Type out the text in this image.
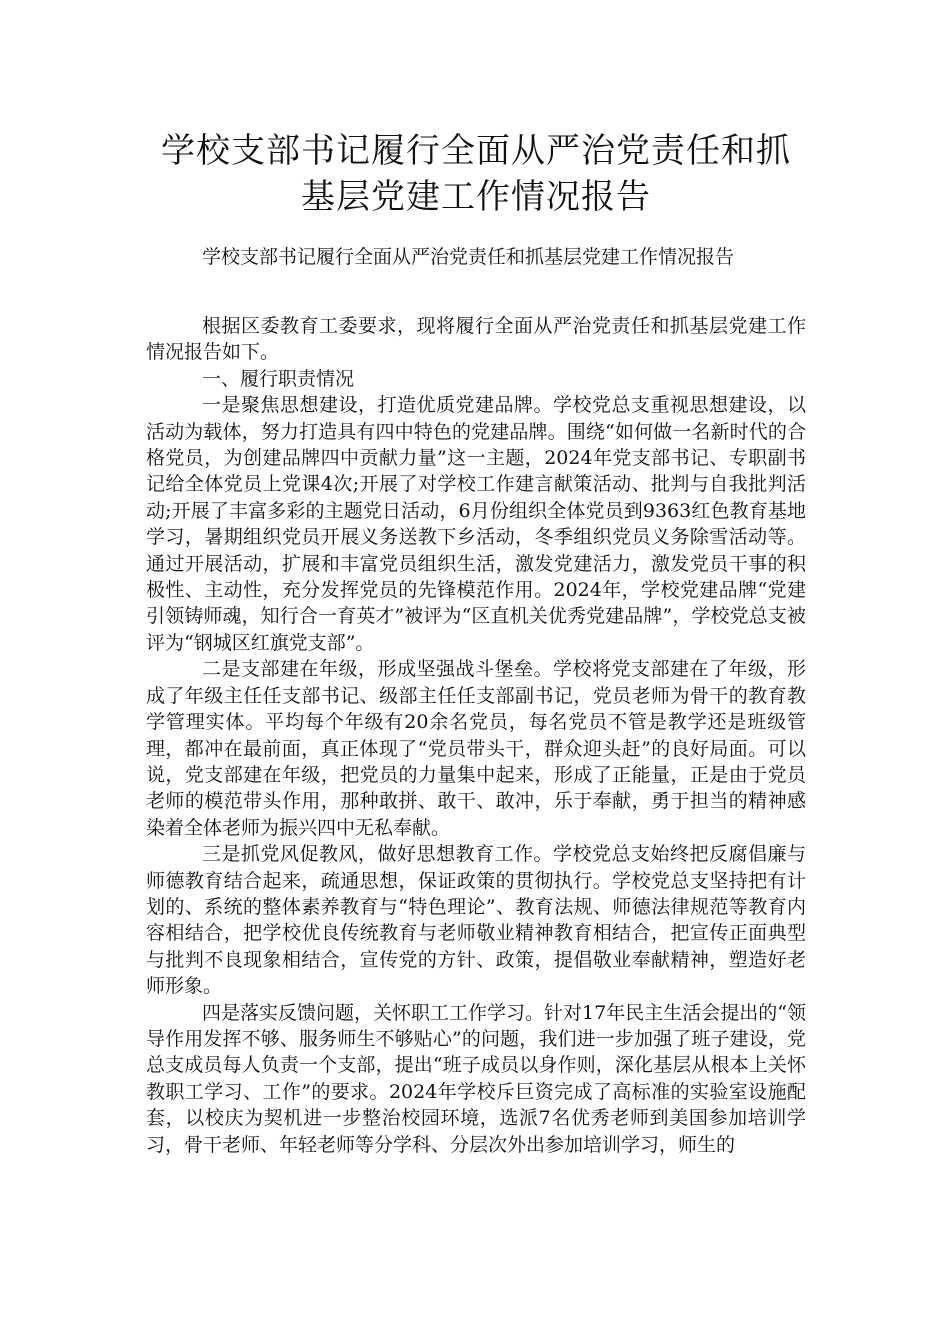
学校支部书记履行全面从严治党责任和抓
基层党建工作情况报告

学校支部书记履行全面从严治党责任和抓基层党建工作情况报告

根据区委教育工委要求，现将履行全面从严治党责任和抓基层党建工作情况报告如下。

一、履行职责情况

一是聚焦思想建设，打造优质党建品牌。学校党总支重视思想建设，以活动为载体，努力打造具有四中特色的党建品牌。围绕“如何做一名新时代的合格党员，为创建品牌四中贡献力量”这一主题，2024年党支部书记、专职副书记给全体党员上党课4次;开展了对学校工作建言献策活动、批判与自我批判活动;开展了丰富多彩的主题党日活动，6月份组织全体党员到9363红色教育基地学习，暑期组织党员开展义务送教下乡活动，冬季组织党员义务除雪活动等。通过开展活动，扩展和丰富党员组织生活，激发党建活力，激发党员干事的积极性、主动性，充分发挥党员的先锋模范作用。2024年，学校党建品牌“党建引领铸师魂，知行合一育英才”被评为“区直机关优秀党建品牌”，学校党总支被评为“钢城区红旗党支部”。

二是支部建在年级，形成坚强战斗堡垒。学校将党支部建在了年级，形成了年级主任任支部书记、级部主任任支部副书记，党员老师为骨干的教育教学管理实体。平均每个年级有20余名党员，每名党员不管是教学还是班级管理，都冲在最前面，真正体现了“党员带头干，群众迎头赶”的良好局面。可以说，党支部建在年级，把党员的力量集中起来，形成了正能量，正是由于党员老师的模范带头作用，那种敢拼、敢干、敢冲，乐于奉献，勇于担当的精神感染着全体老师为振兴四中无私奉献。

三是抓党风促教风，做好思想教育工作。学校党总支始终把反腐倡廉与师德教育结合起来，疏通思想，保证政策的贯彻执行。学校党总支坚持把有计划的、系统的整体素养教育与“特色理论”、教育法规、师德法律规范等教育内容相结合，把学校优良传统教育与老师敬业精神教育相结合，把宣传正面典型与批判不良现象相结合，宣传党的方针、政策，提倡敬业奉献精神，塑造好老师形象。

四是落实反馈问题，关怀职工工作学习。针对17年民主生活会提出的“领导作用发挥不够、服务师生不够贴心”的问题，我们进一步加强了班子建设，党总支成员每人负责一个支部，提出“班子成员以身作则，深化基层从根本上关怀教职工学习、工作”的要求。2024年学校斥巨资完成了高标准的实验室设施配套，以校庆为契机进一步整治校园环境，选派7名优秀老师到美国参加培训学习，骨干老师、年轻老师等分学科、分层次外出参加培训学习，师生的
